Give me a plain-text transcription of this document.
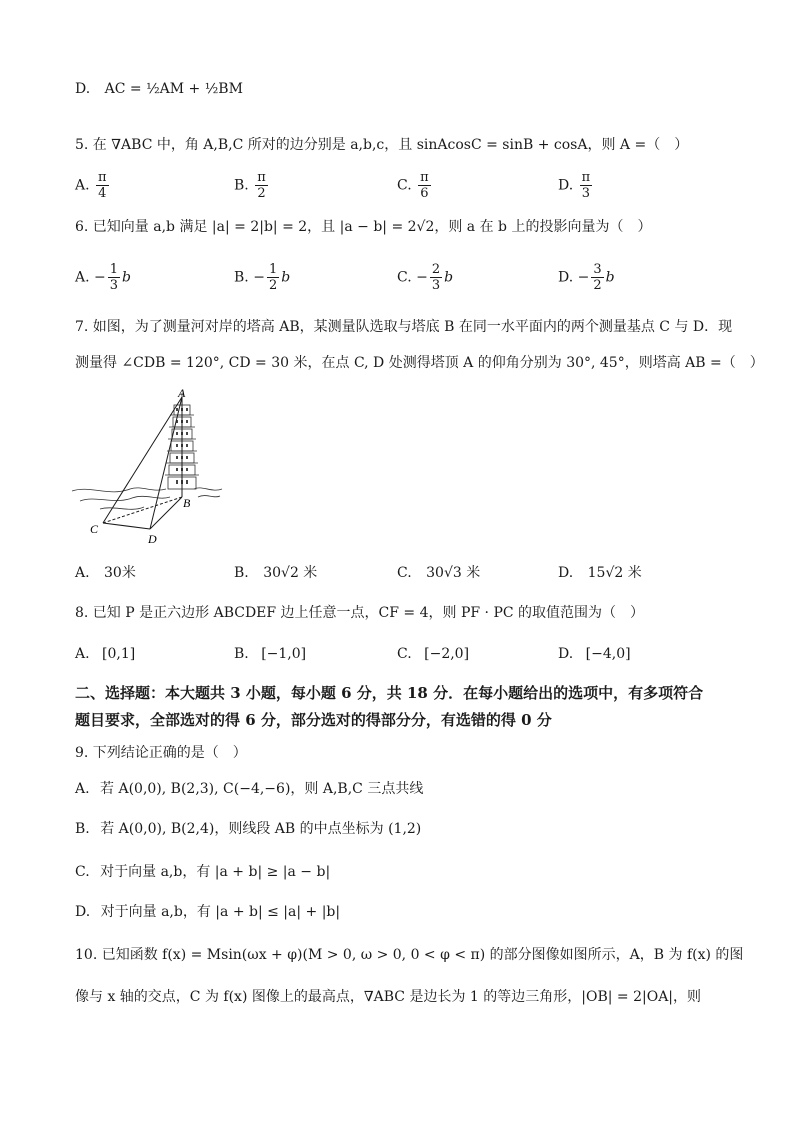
D. AC = ½AM + ½BM
5. 在 ∇ABC 中，角 A,B,C 所对的边分别是 a,b,c，且 sinAcosC = sinB + cosA，则 A =（　）
A. $\frac{\pi}{4}$	B. $\frac{\pi}{2}$	C. $\frac{\pi}{6}$	D. $\frac{\pi}{3}$
6. 已知向量 a,b 满足 |a| = 2|b| = 2，且 |a − b| = 2√2，则 a 在 b 上的投影向量为（　）
A. − $\frac{1}{3}$ b	B. − $\frac{1}{2}$ b	C. − $\frac{2}{3}$ b	D. − $\frac{3}{2}$ b
7. 如图，为了测量河对岸的塔高 AB，某测量队选取与塔底 B 在同一水平面内的两个测量基点 C 与 D．现
测量得 ∠CDB = 120°, CD = 30 米，在点 C, D 处测得塔顶 A 的仰角分别为 30°, 45°，则塔高 AB =（　）
A
B
C
D
A. 30米	B. 30√2 米	C. 30√3 米	D. 15√2 米
8. 已知 P 是正六边形 ABCDEF 边上任意一点，CF = 4，则 PF · PC 的取值范围为（　）
A. [0,1]	B. [−1,0]	C. [−2,0]	D. [−4,0]
二、选择题：本大题共 3 小题，每小题 6 分，共 18 分．在每小题给出的选项中，有多项符合
题目要求，全部选对的得 6 分，部分选对的得部分分，有选错的得 0 分
9. 下列结论正确的是（　）
A. 若 A(0,0), B(2,3), C(−4,−6)，则 A,B,C 三点共线
B. 若 A(0,0), B(2,4)，则线段 AB 的中点坐标为 (1,2)
C. 对于向量 a,b，有 |a + b| ≥ |a − b|
D. 对于向量 a,b，有 |a + b| ≤ |a| + |b|
10. 已知函数 f(x) = Msin(ωx + φ)(M > 0, ω > 0, 0 < φ < π) 的部分图像如图所示，A，B 为 f(x) 的图
像与 x 轴的交点，C 为 f(x) 图像上的最高点，∇ABC 是边长为 1 的等边三角形，|OB| = 2|OA|，则
